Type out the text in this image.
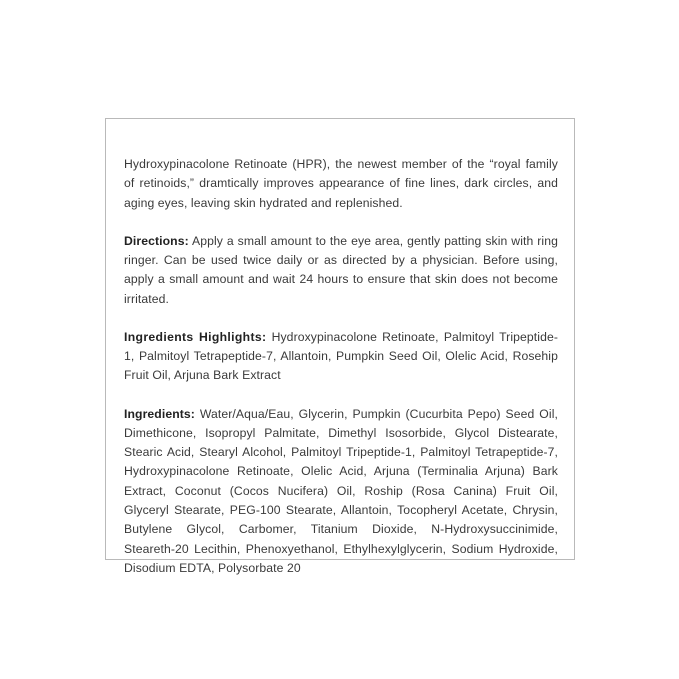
Hydroxypinacolone Retinoate (HPR), the newest member of the “royal family of retinoids,” dramtically improves appearance of fine lines, dark circles, and aging eyes, leaving skin hydrated and replenished.

Directions: Apply a small amount to the eye area, gently patting skin with ring ringer. Can be used twice daily or as directed by a physician. Before using, apply a small amount and wait 24 hours to ensure that skin does not become irritated.

Ingredients Highlights: Hydroxypinacolone Retinoate, Palmitoyl Tripeptide-1, Palmitoyl Tetrapeptide-7, Allantoin, Pumpkin Seed Oil, Olelic Acid, Rosehip Fruit Oil, Arjuna Bark Extract

Ingredients: Water/Aqua/Eau, Glycerin, Pumpkin (Cucurbita Pepo) Seed Oil, Dimethicone, Isopropyl Palmitate, Dimethyl Isosorbide, Glycol Distearate, Stearic Acid, Stearyl Alcohol, Palmitoyl Tripeptide-1, Palmitoyl Tetrapeptide-7, Hydroxypinacolone Retinoate, Olelic Acid, Arjuna (Terminalia Arjuna) Bark Extract, Coconut (Cocos Nucifera) Oil, Roship (Rosa Canina) Fruit Oil, Glyceryl Stearate, PEG-100 Stearate, Allantoin, Tocopheryl Acetate, Chrysin, Butylene Glycol, Carbomer, Titanium Dioxide, N-Hydroxysuccinimide, Steareth-20 Lecithin, Phenoxyethanol, Ethylhexylglycerin, Sodium Hydroxide, Disodium EDTA, Polysorbate 20
